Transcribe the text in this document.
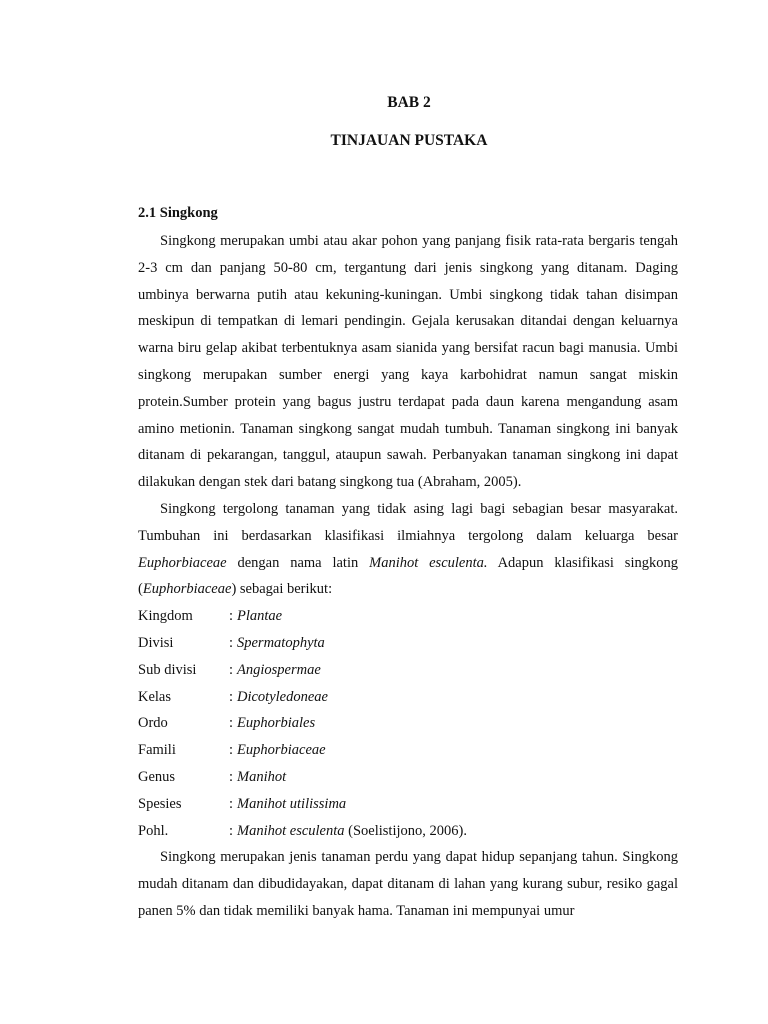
BAB 2
TINJAUAN PUSTAKA
2.1 Singkong

Singkong merupakan umbi atau akar pohon yang panjang fisik rata-rata bergaris tengah 2-3 cm dan panjang 50-80 cm, tergantung dari jenis singkong yang ditanam. Daging umbinya berwarna putih atau kekuning-kuningan. Umbi singkong tidak tahan disimpan meskipun di tempatkan di lemari pendingin. Gejala kerusakan ditandai dengan keluarnya warna biru gelap akibat terbentuknya asam sianida yang bersifat racun bagi manusia. Umbi singkong merupakan sumber energi yang kaya karbohidrat namun sangat miskin protein.Sumber protein yang bagus justru terdapat pada daun karena mengandung asam amino metionin. Tanaman singkong sangat mudah tumbuh. Tanaman singkong ini banyak ditanam di pekarangan, tanggul, ataupun sawah. Perbanyakan tanaman singkong ini dapat dilakukan dengan stek dari batang singkong tua (Abraham, 2005).

Singkong tergolong tanaman yang tidak asing lagi bagi sebagian besar masyarakat. Tumbuhan ini berdasarkan klasifikasi ilmiahnya tergolong dalam keluarga besar Euphorbiaceae dengan nama latin Manihot esculenta. Adapun klasifikasi singkong (Euphorbiaceae) sebagai berikut:

Kingdom	: Plantae
Divisi	: Spermatophyta
Sub divisi	: Angiospermae
Kelas	: Dicotyledoneae
Ordo	: Euphorbiales
Famili	: Euphorbiaceae
Genus	: Manihot
Spesies	: Manihot utilissima
Pohl.	: Manihot esculenta (Soelistijono, 2006).

Singkong merupakan jenis tanaman perdu yang dapat hidup sepanjang tahun. Singkong mudah ditanam dan dibudidayakan, dapat ditanam di lahan yang kurang subur, resiko gagal panen 5% dan tidak memiliki banyak hama. Tanaman ini mempunyai umur
